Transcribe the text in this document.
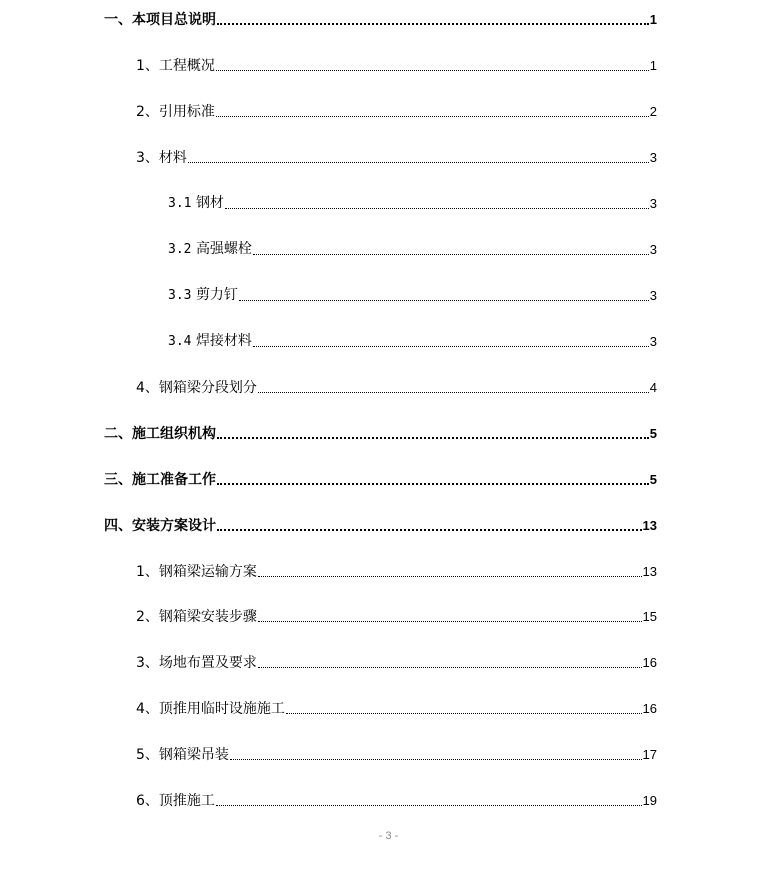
一、本项目总说明	1
1、工程概况	1
2、引用标准	2
3、材料	3
3.1 钢材	3
3.2 高强螺栓	3
3.3 剪力钉	3
3.4 焊接材料	3
4、钢箱梁分段划分	4
二、施工组织机构	5
三、施工准备工作	5
四、安装方案设计	13
1、钢箱梁运输方案	13
2、钢箱梁安装步骤	15
3、场地布置及要求	16
4、顶推用临时设施施工	16
5、钢箱梁吊装	17
6、顶推施工	19
- 3 -
